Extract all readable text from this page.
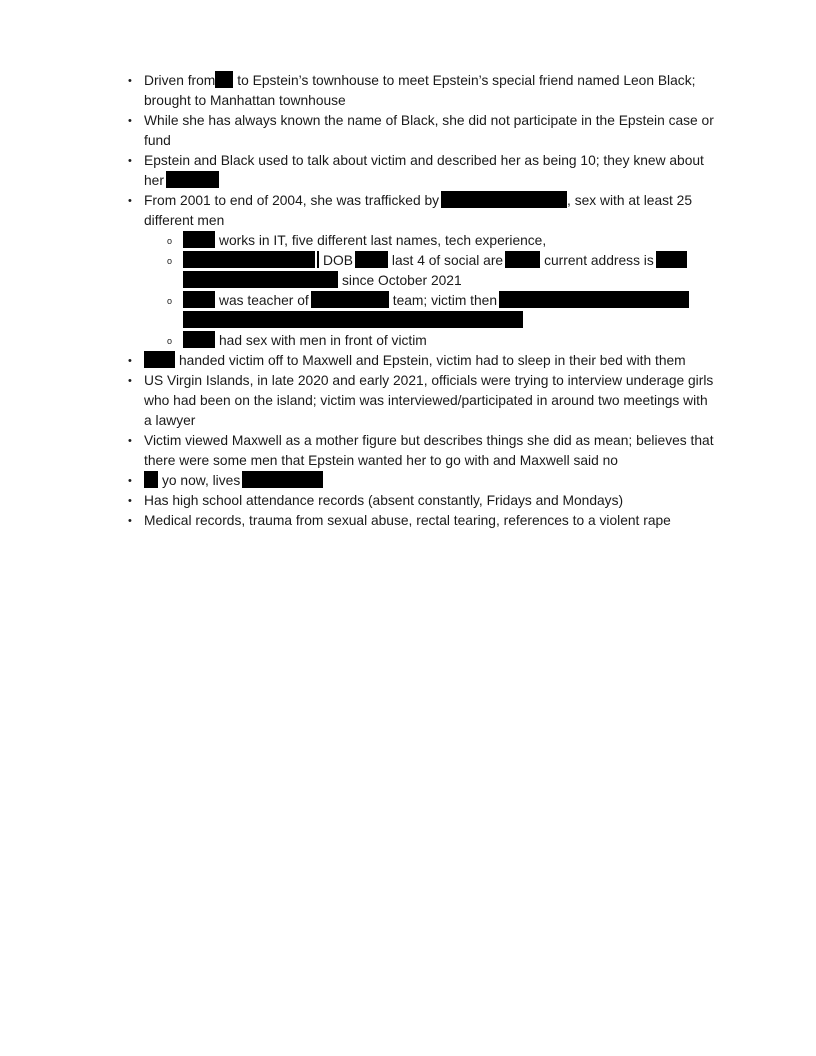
• Driven from to Epstein’s townhouse to meet Epstein’s special friend named Leon Black;
brought to Manhattan townhouse
• While she has always known the name of Black, she did not participate in the Epstein case or
fund
• Epstein and Black used to talk about victim and described her as being 10; they knew about
her
• From 2001 to end of 2004, she was trafficked by	, sex with at least 25
different men
o	works in IT, five different last names, tech experience,
o	DOB	last 4 of social are	current address is
since October 2021
o	was teacher of	team; victim then
o	had sex with men in front of victim
•	handed victim off to Maxwell and Epstein, victim had to sleep in their bed with them
• US Virgin Islands, in late 2020 and early 2021, officials were trying to interview underage girls
who had been on the island; victim was interviewed/participated in around two meetings with
a lawyer
• Victim viewed Maxwell as a mother figure but describes things she did as mean; believes that
there were some men that Epstein wanted her to go with and Maxwell said no
•	yo now, lives
• Has high school attendance records (absent constantly, Fridays and Mondays)
• Medical records, trauma from sexual abuse, rectal tearing, references to a violent rape
